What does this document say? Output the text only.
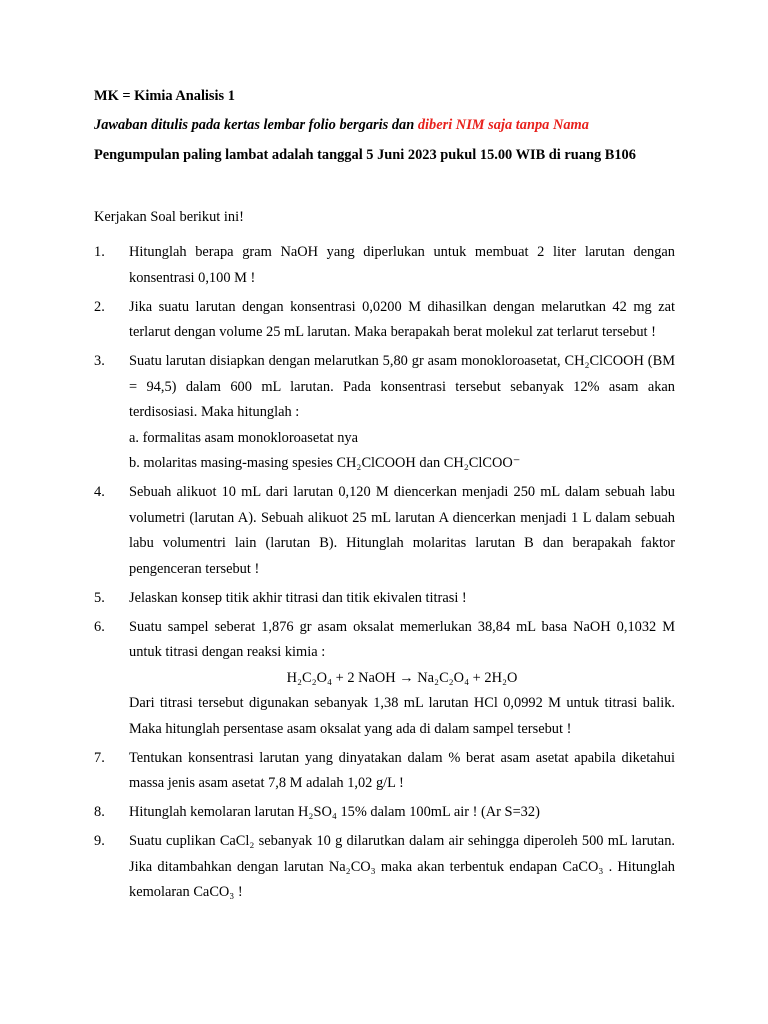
MK = Kimia Analisis 1
Jawaban ditulis pada kertas lembar folio bergaris dan diberi NIM saja tanpa Nama
Pengumpulan paling lambat adalah tanggal 5 Juni 2023 pukul 15.00 WIB di ruang B106
Kerjakan Soal berikut ini!
1.	Hitunglah berapa gram NaOH yang diperlukan untuk membuat 2 liter larutan dengan konsentrasi 0,100 M !

2.	Jika suatu larutan dengan konsentrasi 0,0200 M dihasilkan dengan melarutkan 42 mg zat terlarut dengan volume 25 mL larutan. Maka berapakah berat molekul zat terlarut tersebut !

3.	Suatu larutan disiapkan dengan melarutkan 5,80 gr asam monokloroasetat, CH₂ClCOOH (BM = 94,5) dalam 600 mL larutan. Pada konsentrasi tersebut sebanyak 12% asam akan terdisosiasi. Maka hitunglah :

a. formalitas asam monokloroasetat nya

b. molaritas masing-masing spesies CH₂ClCOOH dan CH₂ClCOO⁻

4.	Sebuah alikuot 10 mL dari larutan 0,120 M diencerkan menjadi 250 mL dalam sebuah labu volumetri (larutan A). Sebuah alikuot 25 mL larutan A diencerkan menjadi 1 L dalam sebuah labu volumentri lain (larutan B). Hitunglah molaritas larutan B dan berapakah faktor pengenceran tersebut !

5.	Jelaskan konsep titik akhir titrasi dan titik ekivalen titrasi !

6.	Suatu sampel seberat 1,876 gr asam oksalat memerlukan 38,84 mL basa NaOH 0,1032 M untuk titrasi dengan reaksi kimia :

H₂C₂O₄ + 2 NaOH → Na₂C₂O₄ + 2H₂O

Dari titrasi tersebut digunakan sebanyak 1,38 mL larutan HCl 0,0992 M untuk titrasi balik. Maka hitunglah persentase asam oksalat yang ada di dalam sampel tersebut !

7.	Tentukan konsentrasi larutan yang dinyatakan dalam % berat asam asetat apabila diketahui massa jenis asam asetat 7,8 M adalah 1,02 g/L !

8.	Hitunglah kemolaran larutan H₂SO₄ 15% dalam 100mL air ! (Ar S=32)

9.	Suatu cuplikan CaCl₂ sebanyak 10 g dilarutkan dalam air sehingga diperoleh 500 mL larutan. Jika ditambahkan dengan larutan Na₂CO₃ maka akan terbentuk endapan CaCO₃ . Hitunglah kemolaran CaCO₃ !
